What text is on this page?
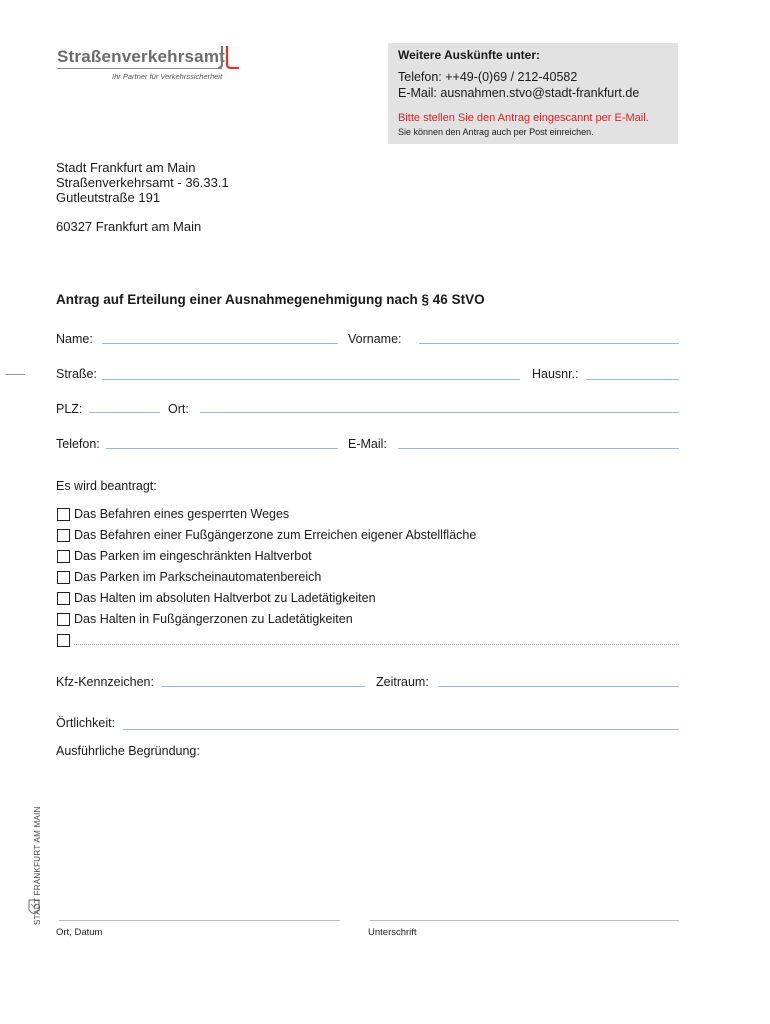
Straßenverkehrsamt
Ihr Partner für Verkehrssicherheit
Weitere Auskünfte unter:
Telefon: ++49-(0)69 / 212-40582
E-Mail: ausnahmen.stvo@stadt-frankfurt.de
Bitte stellen Sie den Antrag eingescannt per E-Mail.
Sie können den Antrag auch per Post einreichen.
Stadt Frankfurt am Main
Straßenverkehrsamt - 36.33.1
Gutleutstraße 191
60327 Frankfurt am Main
Antrag auf Erteilung einer Ausnahmegenehmigung nach § 46 StVO
Name:	Vorname:
Straße:	Hausnr.:
PLZ:	Ort:
Telefon:	E-Mail:
Es wird beantragt:
Das Befahren eines gesperrten Weges
Das Befahren einer Fußgängerzone zum Erreichen eigener Abstellfläche
Das Parken im eingeschränkten Haltverbot
Das Parken im Parkscheinautomatenbereich
Das Halten im absoluten Haltverbot zu Ladetätigkeiten
Das Halten in Fußgängerzonen zu Ladetätigkeiten
Kfz-Kennzeichen:	Zeitraum:
Örtlichkeit:
Ausführliche Begründung:
Ort, Datum	Unterschrift
STADT FRANKFURT AM MAIN
